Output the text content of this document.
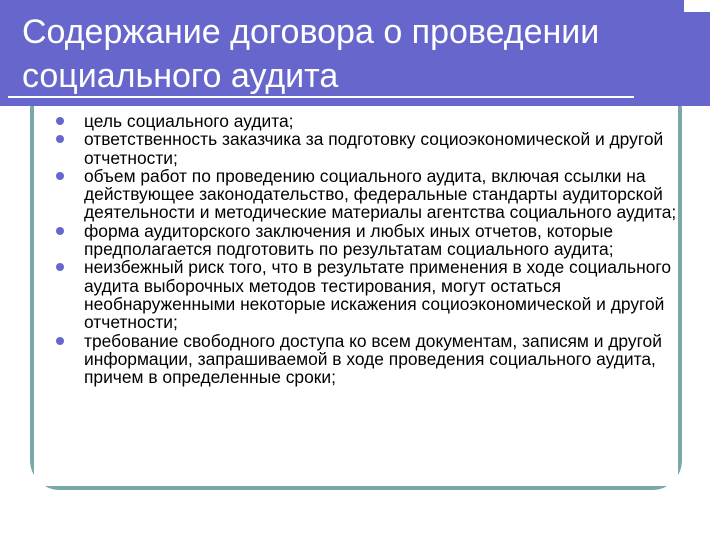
Содержание договора о проведении социального аудита
цель социального аудита;
ответственность заказчика за подготовку социоэкономической и другой отчетности;
объем работ по проведению социального аудита, включая ссылки на действующее законодательство, федеральные стандарты аудиторской деятельности и методические материалы агентства социального аудита;
форма аудиторского заключения и любых иных отчетов, которые предполагается подготовить по результатам социального аудита;
неизбежный риск того, что в результате применения в ходе социального аудита выборочных методов тестирования, могут остаться необнаруженными некоторые искажения социоэкономической и другой отчетности;
требование свободного доступа ко всем документам, записям и другой информации, запрашиваемой в ходе проведения социального аудита, причем в определенные сроки;
